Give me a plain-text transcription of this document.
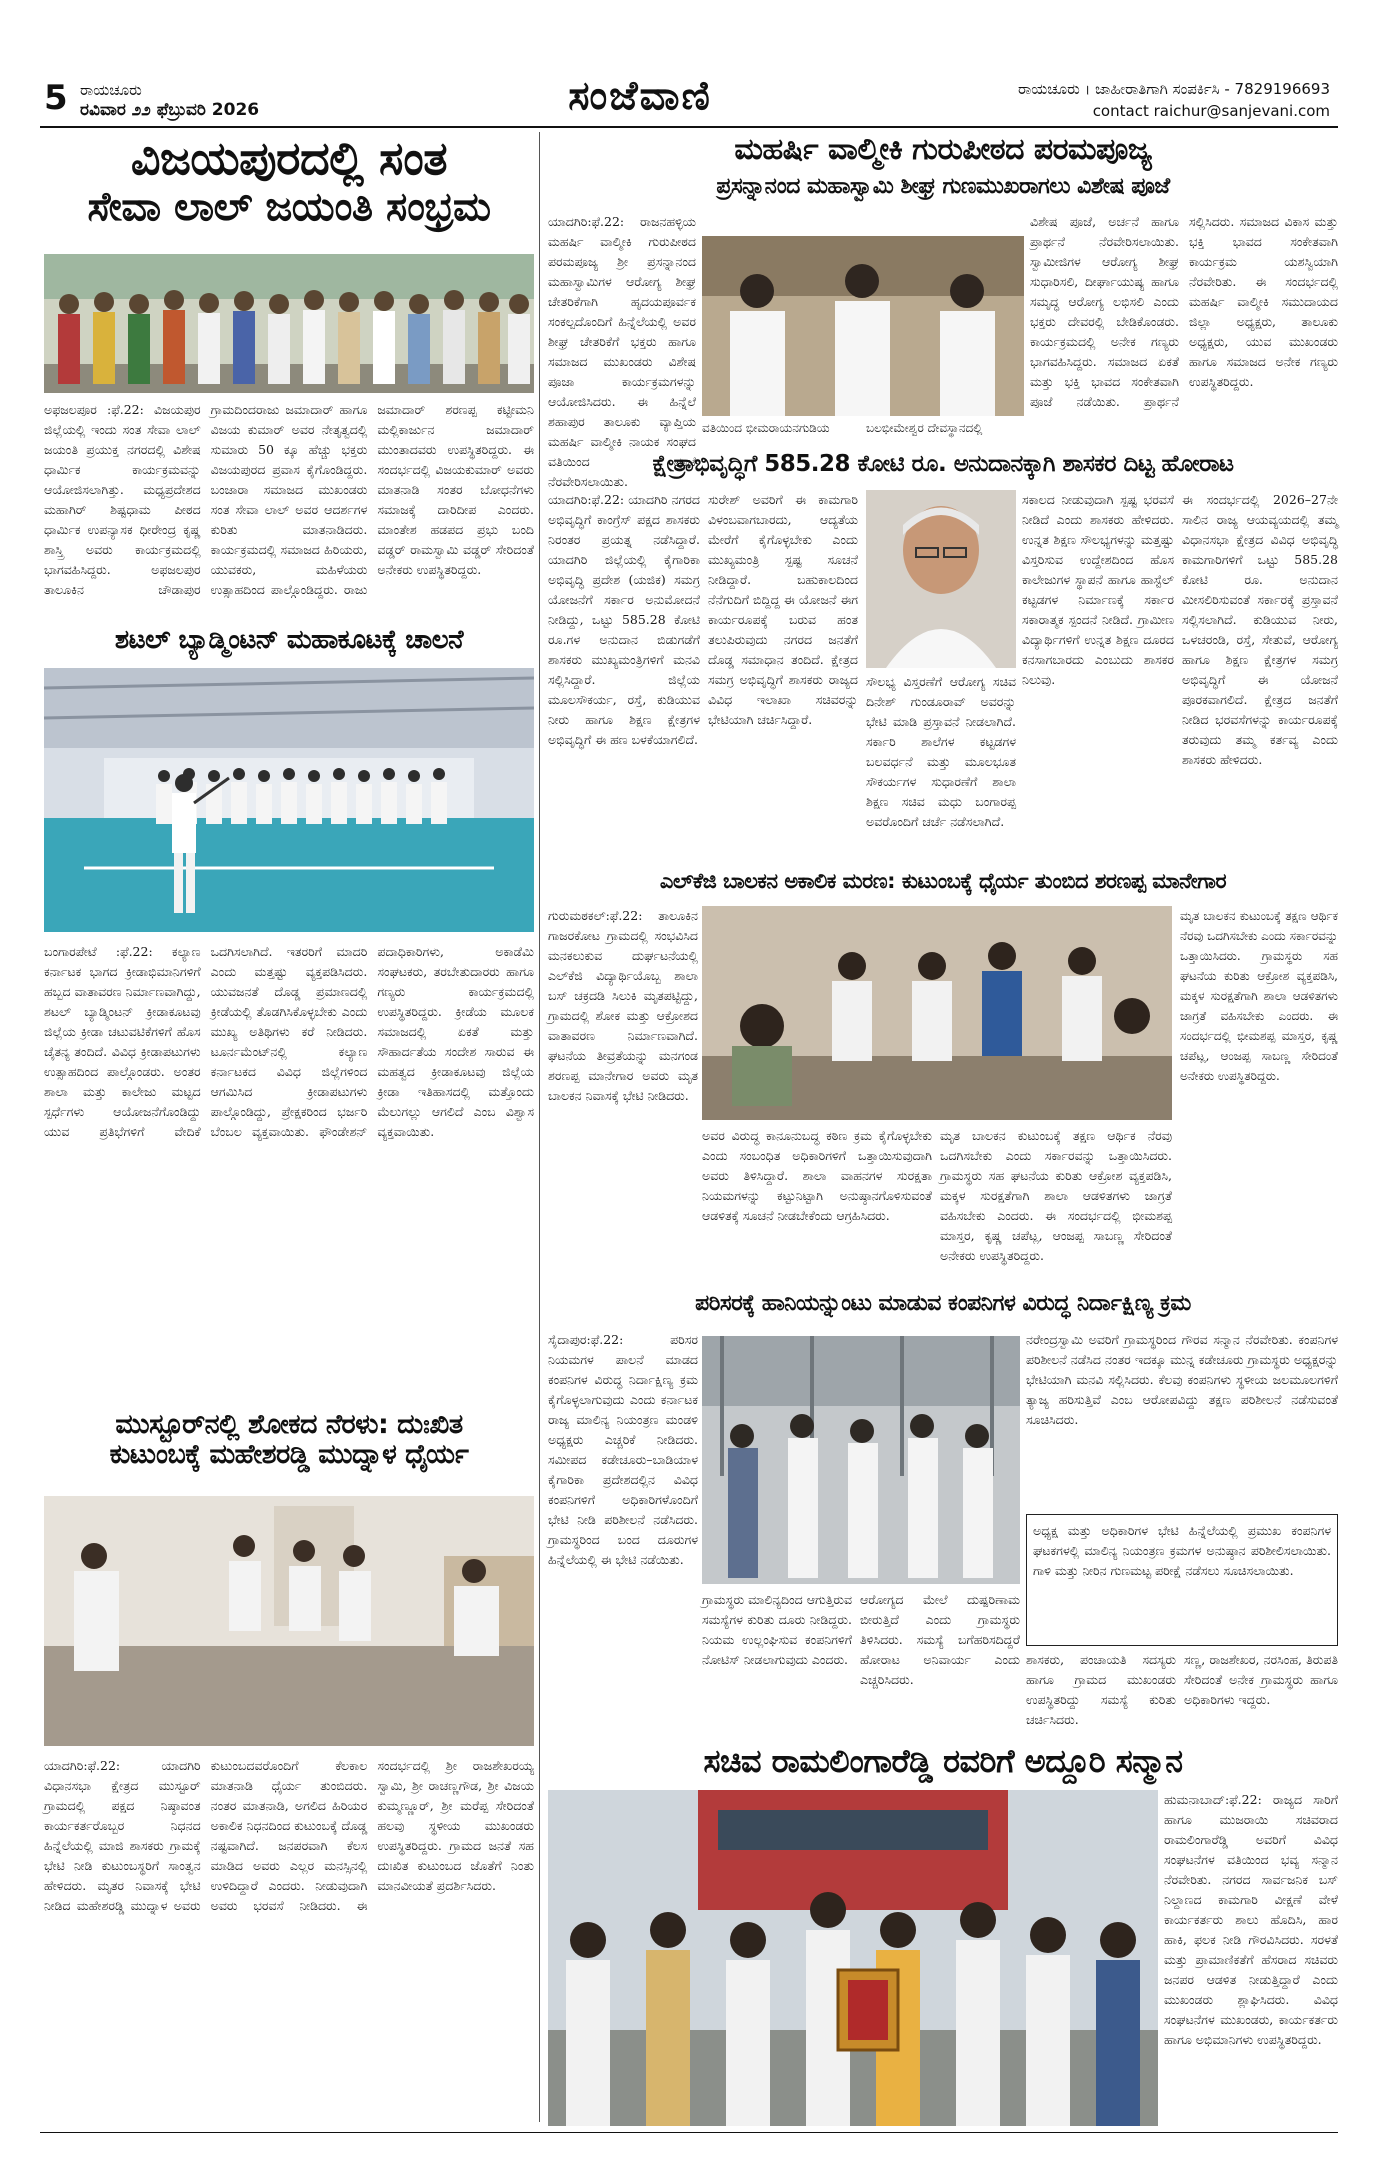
5 ರಾಯಚೂರು
ರವಿವಾರ ೨೨ ಫೆಬ್ರುವರಿ 2026	ಸಂಜೆವಾಣಿ	ರಾಯಚೂರು । ಜಾಹೀರಾತಿಗಾಗಿ ಸಂಪರ್ಕಿಸಿ - 7829196693
contact raichur@sanjevani.com
ವಿಜಯಪುರದಲ್ಲಿ ಸಂತ
ಸೇವಾ ಲಾಲ್ ಜಯಂತಿ ಸಂಭ್ರಮ
ಅಫಜಲಪೂರ :ಫೆ.22: ವಿಜಯಪುರ ಜಿಲ್ಲೆಯಲ್ಲಿ ಇಂದು ಸಂತ ಸೇವಾ ಲಾಲ್ ಜಯಂತಿ ಪ್ರಯುಕ್ತ ನಗರದಲ್ಲಿ ವಿಶೇಷ ಧಾರ್ಮಿಕ ಕಾರ್ಯಕ್ರಮವನ್ನು ಆಯೋಜಿಸಲಾಗಿತ್ತು. ಮಧ್ಯಪ್ರದೇಶದ ಮಹಾಗಿರ್ ಶಿಷ್ಟಧಾಮ ಪೀಠದ ಧಾರ್ಮಿಕ ಉಪನ್ಯಾಸಕ ಧೀರೇಂದ್ರ ಕೃಷ್ಣ ಶಾಸ್ತ್ರಿ ಅವರು ಕಾರ್ಯಕ್ರಮದಲ್ಲಿ ಭಾಗವಹಿಸಿದ್ದರು. ಅಫಜಲಪುರ ತಾಲೂಕಿನ ಚೌಡಾಪುರ ಗ್ರಾಮದಿಂದರಾಜು ಜಮಾದಾರ್ ಹಾಗೂ ವಿಜಯ ಕುಮಾರ್ ಅವರ ನೇತೃತ್ವದಲ್ಲಿ ಸುಮಾರು 50 ಕ್ಕೂ ಹೆಚ್ಚು ಭಕ್ತರು ವಿಜಯಪುರದ ಪ್ರವಾಸ ಕೈಗೊಂಡಿದ್ದರು. ಬಂಜಾರಾ ಸಮಾಜದ ಮುಖಂಡರು ಸಂತ ಸೇವಾ ಲಾಲ್ ಅವರ ಆದರ್ಶಗಳ ಕುರಿತು ಮಾತನಾಡಿದರು. ಕಾರ್ಯಕ್ರಮದಲ್ಲಿ ಸಮಾಜದ ಹಿರಿಯರು, ಯುವಕರು, ಮಹಿಳೆಯರು ಉತ್ಸಾಹದಿಂದ ಪಾಲ್ಗೊಂಡಿದ್ದರು. ರಾಜು ಜಮಾದಾರ್ ಶರಣಪ್ಪ ಕಟ್ಟೀಮನಿ ಮಲ್ಲಿಕಾರ್ಜುನ ಜಮಾದಾರ್ ಮುಂತಾದವರು ಉಪಸ್ಥಿತರಿದ್ದರು. ಈ ಸಂದರ್ಭದಲ್ಲಿ ವಿಜಯಕುಮಾರ್ ಅವರು ಮಾತನಾಡಿ ಸಂತರ ಬೋಧನೆಗಳು ಸಮಾಜಕ್ಕೆ ದಾರಿದೀಪ ಎಂದರು. ಮಾಂತೇಶ ಹಡಪದ ಪ್ರಭು ಬಂದಿ ವಡ್ಡರ್ ರಾಮಸ್ವಾಮಿ ವಡ್ಡರ್ ಸೇರಿದಂತೆ ಅನೇಕರು ಉಪಸ್ಥಿತರಿದ್ದರು.
ಶಟಲ್ ಬ್ಯಾಡ್ಮಿಂಟನ್ ಮಹಾಕೂಟಕ್ಕೆ ಚಾಲನೆ
ಬಂಗಾರಪೇಟೆ :ಫೆ.22: ಕಲ್ಯಾಣ ಕರ್ನಾಟಕ ಭಾಗದ ಕ್ರೀಡಾಭಿಮಾನಿಗಳಿಗೆ ಹಬ್ಬದ ವಾತಾವರಣ ನಿರ್ಮಾಣವಾಗಿದ್ದು, ಶಟಲ್ ಬ್ಯಾಡ್ಮಿಂಟನ್ ಕ್ರೀಡಾಕೂಟವು ಜಿಲ್ಲೆಯ ಕ್ರೀಡಾ ಚಟುವಟಿಕೆಗಳಿಗೆ ಹೊಸ ಚೈತನ್ಯ ತಂದಿದೆ. ವಿವಿಧ ಕ್ರೀಡಾಪಟುಗಳು ಉತ್ಸಾಹದಿಂದ ಪಾಲ್ಗೊಂಡರು. ಅಂತರ ಶಾಲಾ ಮತ್ತು ಕಾಲೇಜು ಮಟ್ಟದ ಸ್ಪರ್ಧೆಗಳು ಆಯೋಜನೆಗೊಂಡಿದ್ದು ಯುವ ಪ್ರತಿಭೆಗಳಿಗೆ ವೇದಿಕೆ ಒದಗಿಸಲಾಗಿದೆ. ಇತರರಿಗೆ ಮಾದರಿ ಎಂದು ಮತ್ತಷ್ಟು ವ್ಯಕ್ತಪಡಿಸಿದರು. ಯುವಜನತೆ ದೊಡ್ಡ ಪ್ರಮಾಣದಲ್ಲಿ ಕ್ರೀಡೆಯಲ್ಲಿ ತೊಡಗಿಸಿಕೊಳ್ಳಬೇಕು ಎಂದು ಮುಖ್ಯ ಅತಿಥಿಗಳು ಕರೆ ನೀಡಿದರು. ಟೂರ್ನಮೆಂಟ್‌ನಲ್ಲಿ ಕಲ್ಯಾಣ ಕರ್ನಾಟಕದ ವಿವಿಧ ಜಿಲ್ಲೆಗಳಿಂದ ಆಗಮಿಸಿದ ಕ್ರೀಡಾಪಟುಗಳು ಪಾಲ್ಗೊಂಡಿದ್ದು, ಪ್ರೇಕ್ಷಕರಿಂದ ಭರ್ಜರಿ ಬೆಂಬಲ ವ್ಯಕ್ತವಾಯಿತು. ಫೌಂಡೇಶನ್ ಪದಾಧಿಕಾರಿಗಳು, ಅಕಾಡೆಮಿ ಸಂಘಟಕರು, ತರಬೇತುದಾರರು ಹಾಗೂ ಗಣ್ಯರು ಕಾರ್ಯಕ್ರಮದಲ್ಲಿ ಉಪಸ್ಥಿತರಿದ್ದರು. ಕ್ರೀಡೆಯ ಮೂಲಕ ಸಮಾಜದಲ್ಲಿ ಏಕತೆ ಮತ್ತು ಸೌಹಾರ್ದತೆಯ ಸಂದೇಶ ಸಾರುವ ಈ ಮಹತ್ವದ ಕ್ರೀಡಾಕೂಟವು ಜಿಲ್ಲೆಯ ಕ್ರೀಡಾ ಇತಿಹಾಸದಲ್ಲಿ ಮತ್ತೊಂದು ಮೆಲುಗಲ್ಲು ಆಗಲಿದೆ ಎಂಬ ವಿಶ್ವಾಸ ವ್ಯಕ್ತವಾಯಿತು.
ಮುಸ್ಟೂರ್‌ನಲ್ಲಿ ಶೋಕದ ನೆರಳು: ದುಃಖಿತ
ಕುಟುಂಬಕ್ಕೆ ಮಹೇಶರಡ್ಡಿ ಮುದ್ನಾಳ ಧೈರ್ಯ
ಯಾದಗಿರಿ:ಫೆ.22: ಯಾದಗಿರಿ ವಿಧಾನಸಭಾ ಕ್ಷೇತ್ರದ ಮುಸ್ಟೂರ್ ಗ್ರಾಮದಲ್ಲಿ ಪಕ್ಷದ ನಿಷ್ಠಾವಂತ ಕಾರ್ಯಕರ್ತರೊಬ್ಬರ ನಿಧನದ ಹಿನ್ನೆಲೆಯಲ್ಲಿ ಮಾಜಿ ಶಾಸಕರು ಗ್ರಾಮಕ್ಕೆ ಭೇಟಿ ನೀಡಿ ಕುಟುಂಬಸ್ಥರಿಗೆ ಸಾಂತ್ವನ ಹೇಳಿದರು. ಮೃತರ ನಿವಾಸಕ್ಕೆ ಭೇಟಿ ನೀಡಿದ ಮಹೇಶರಡ್ಡಿ ಮುದ್ನಾಳ ಅವರು ಕುಟುಂಬದವರೊಂದಿಗೆ ಕೆಲಕಾಲ ಮಾತನಾಡಿ ಧೈರ್ಯ ತುಂಬಿದರು. ನಂತರ ಮಾತನಾಡಿ, ಅಗಲಿದ ಹಿರಿಯರ ಅಕಾಲಿಕ ನಿಧನದಿಂದ ಕುಟುಂಬಕ್ಕೆ ದೊಡ್ಡ ನಷ್ಟವಾಗಿದೆ. ಜನಪರವಾಗಿ ಕೆಲಸ ಮಾಡಿದ ಅವರು ಎಲ್ಲರ ಮನಸ್ಸಿನಲ್ಲಿ ಉಳಿದಿದ್ದಾರೆ ಎಂದರು. ನೀಡುವುದಾಗಿ ಅವರು ಭರವಸೆ ನೀಡಿದರು. ಈ ಸಂದರ್ಭದಲ್ಲಿ ಶ್ರೀ ರಾಜಶೇಖರಯ್ಯ ಸ್ವಾಮಿ, ಶ್ರೀ ರಾಚಣ್ಣಗೌಡ, ಶ್ರೀ ವಿಜಯ ಕುಮ್ಮಣ್ಣೂರ್, ಶ್ರೀ ಮರೆಪ್ಪ ಸೇರಿದಂತೆ ಹಲವು ಸ್ಥಳೀಯ ಮುಖಂಡರು ಉಪಸ್ಥಿತರಿದ್ದರು. ಗ್ರಾಮದ ಜನತೆ ಸಹ ದುಃಖಿತ ಕುಟುಂಬದ ಜೊತೆಗೆ ನಿಂತು ಮಾನವೀಯತೆ ಪ್ರದರ್ಶಿಸಿದರು.
ಮಹರ್ಷಿ ವಾಲ್ಮೀಕಿ ಗುರುಪೀಠದ ಪರಮಪೂಜ್ಯ
ಪ್ರಸನ್ನಾನಂದ ಮಹಾಸ್ವಾಮಿ ಶೀಘ್ರ ಗುಣಮುಖರಾಗಲು ವಿಶೇಷ ಪೂಜೆ
ಯಾದಗಿರಿ:ಫೆ.22: ರಾಜನಹಳ್ಳಿಯ ಮಹರ್ಷಿ ವಾಲ್ಮೀಕಿ ಗುರುಪೀಠದ ಪರಮಪೂಜ್ಯ ಶ್ರೀ ಪ್ರಸನ್ನಾನಂದ ಮಹಾಸ್ವಾಮಿಗಳ ಆರೋಗ್ಯ ಶೀಘ್ರ ಚೇತರಿಕೆಗಾಗಿ ಹೃದಯಪೂರ್ವಕ ಸಂಕಲ್ಪದೊಂದಿಗೆ ಹಿನ್ನೆಲೆಯಲ್ಲಿ ಅವರ ಶೀಘ್ರ ಚೇತರಿಕೆಗೆ ಭಕ್ತರು ಹಾಗೂ ಸಮಾಜದ ಮುಖಂಡರು ವಿಶೇಷ ಪೂಜಾ ಕಾರ್ಯಕ್ರಮಗಳನ್ನು ಆಯೋಜಿಸಿದರು. ಈ ಹಿನ್ನೆಲೆ ಶಹಾಪುರ ತಾಲೂಕು ವ್ಯಾಪ್ತಿಯ ಮಹರ್ಷಿ ವಾಲ್ಮೀಕಿ ನಾಯಕ ಸಂಘದ ವತಿಯಿಂದ ಪೂಜೆ ನೆರವೇರಿಸಲಾಯಿತು.
ವತಿಯಿಂದ ಭೀಮರಾಯನಗುಡಿಯ	ಬಲಭೀಮೇಶ್ವರ ದೇವಸ್ಥಾನದಲ್ಲಿ
ವಿಶೇಷ ಪೂಜೆ, ಅರ್ಚನೆ ಹಾಗೂ ಪ್ರಾರ್ಥನೆ ನೆರವೇರಿಸಲಾಯಿತು. ಸ್ವಾಮೀಜಿಗಳ ಆರೋಗ್ಯ ಶೀಘ್ರ ಸುಧಾರಿಸಲಿ, ದೀರ್ಘಾಯುಷ್ಯ ಹಾಗೂ ಸಮೃದ್ಧ ಆರೋಗ್ಯ ಲಭಿಸಲಿ ಎಂದು ಭಕ್ತರು ದೇವರಲ್ಲಿ ಬೇಡಿಕೊಂಡರು. ಕಾರ್ಯಕ್ರಮದಲ್ಲಿ ಅನೇಕ ಗಣ್ಯರು ಭಾಗವಹಿಸಿದ್ದರು. ಸಮಾಜದ ಏಕತೆ ಮತ್ತು ಭಕ್ತಿ ಭಾವದ ಸಂಕೇತವಾಗಿ ಪೂಜೆ ನಡೆಯಿತು. ಪ್ರಾರ್ಥನೆ ಸಲ್ಲಿಸಿದರು. ಸಮಾಜದ ವಿಕಾಸ ಮತ್ತು ಭಕ್ತಿ ಭಾವದ ಸಂಕೇತವಾಗಿ ಕಾರ್ಯಕ್ರಮ ಯಶಸ್ವಿಯಾಗಿ ನೆರವೇರಿತು. ಈ ಸಂದರ್ಭದಲ್ಲಿ ಮಹರ್ಷಿ ವಾಲ್ಮೀಕಿ ಸಮುದಾಯದ ಜಿಲ್ಲಾ ಅಧ್ಯಕ್ಷರು, ತಾಲೂಕು ಅಧ್ಯಕ್ಷರು, ಯುವ ಮುಖಂಡರು ಹಾಗೂ ಸಮಾಜದ ಅನೇಕ ಗಣ್ಯರು ಉಪಸ್ಥಿತರಿದ್ದರು.
ಕ್ಷೇತ್ರಾಭಿವೃದ್ಧಿಗೆ 585.28 ಕೋಟಿ ರೂ. ಅನುದಾನಕ್ಕಾಗಿ ಶಾಸಕರ ದಿಟ್ಟ ಹೋರಾಟ
ಯಾದಗಿರಿ:ಫೆ.22: ಯಾದಗಿರಿ ನಗರದ ಅಭಿವೃದ್ಧಿಗೆ ಕಾಂಗ್ರೆಸ್ ಪಕ್ಷದ ಶಾಸಕರು ನಿರಂತರ ಪ್ರಯತ್ನ ನಡೆಸಿದ್ದಾರೆ. ಯಾದಗಿರಿ ಜಿಲ್ಲೆಯಲ್ಲಿ ಕೈಗಾರಿಕಾ ಅಭಿವೃದ್ಧಿ ಪ್ರದೇಶ (ಯಜಿಕ) ಸಮಗ್ರ ಯೋಜನೆಗೆ ಸರ್ಕಾರ ಅನುಮೋದನೆ ನೀಡಿದ್ದು, ಒಟ್ಟು 585.28 ಕೋಟಿ ರೂ.ಗಳ ಅನುದಾನ ಬಿಡುಗಡೆಗೆ ಶಾಸಕರು ಮುಖ್ಯಮಂತ್ರಿಗಳಿಗೆ ಮನವಿ ಸಲ್ಲಿಸಿದ್ದಾರೆ. ಜಿಲ್ಲೆಯ ಮೂಲಸೌಕರ್ಯ, ರಸ್ತೆ, ಕುಡಿಯುವ ನೀರು ಹಾಗೂ ಶಿಕ್ಷಣ ಕ್ಷೇತ್ರಗಳ ಅಭಿವೃದ್ಧಿಗೆ ಈ ಹಣ ಬಳಕೆಯಾಗಲಿದೆ.
ಸುರೇಶ್ ಅವರಿಗೆ ಈ ಕಾಮಗಾರಿ ವಿಳಂಬವಾಗಬಾರದು, ಆದ್ಯತೆಯ ಮೇರೆಗೆ ಕೈಗೊಳ್ಳಬೇಕು ಎಂದು ಮುಖ್ಯಮಂತ್ರಿ ಸ್ಪಷ್ಟ ಸೂಚನೆ ನೀಡಿದ್ದಾರೆ. ಬಹುಕಾಲದಿಂದ ನೆನೆಗುದಿಗೆ ಬಿದ್ದಿದ್ದ ಈ ಯೋಜನೆ ಈಗ ಕಾರ್ಯರೂಪಕ್ಕೆ ಬರುವ ಹಂತ ತಲುಪಿರುವುದು ನಗರದ ಜನತೆಗೆ ದೊಡ್ಡ ಸಮಾಧಾನ ತಂದಿದೆ. ಕ್ಷೇತ್ರದ ಸಮಗ್ರ ಅಭಿವೃದ್ಧಿಗೆ ಶಾಸಕರು ರಾಜ್ಯದ ವಿವಿಧ ಇಲಾಖಾ ಸಚಿವರನ್ನು ಭೇಟಿಯಾಗಿ ಚರ್ಚಿಸಿದ್ದಾರೆ.
ಸೌಲಭ್ಯ ವಿಸ್ತರಣೆಗೆ ಆರೋಗ್ಯ ಸಚಿವ ದಿನೇಶ್ ಗುಂಡೂರಾವ್ ಅವರನ್ನು ಭೇಟಿ ಮಾಡಿ ಪ್ರಸ್ತಾವನೆ ನೀಡಲಾಗಿದೆ. ಸರ್ಕಾರಿ ಶಾಲೆಗಳ ಕಟ್ಟಡಗಳ ಬಲವರ್ಧನೆ ಮತ್ತು ಮೂಲಭೂತ ಸೌಕರ್ಯಗಳ ಸುಧಾರಣೆಗೆ ಶಾಲಾ ಶಿಕ್ಷಣ ಸಚಿವ ಮಧು ಬಂಗಾರಪ್ಪ ಅವರೊಂದಿಗೆ ಚರ್ಚೆ ನಡೆಸಲಾಗಿದೆ.
ಸಕಾಲದ ನೀಡುವುದಾಗಿ ಸ್ಪಷ್ಟ ಭರವಸೆ ನೀಡಿದೆ ಎಂದು ಶಾಸಕರು ಹೇಳಿದರು. ಉನ್ನತ ಶಿಕ್ಷಣ ಸೌಲಭ್ಯಗಳನ್ನು ಮತ್ತಷ್ಟು ವಿಸ್ತರಿಸುವ ಉದ್ದೇಶದಿಂದ ಹೊಸ ಕಾಲೇಜುಗಳ ಸ್ಥಾಪನೆ ಹಾಗೂ ಹಾಸ್ಟೆಲ್ ಕಟ್ಟಡಗಳ ನಿರ್ಮಾಣಕ್ಕೆ ಸರ್ಕಾರ ಸಕಾರಾತ್ಮಕ ಸ್ಪಂದನೆ ನೀಡಿದೆ. ಗ್ರಾಮೀಣ ವಿದ್ಯಾರ್ಥಿಗಳಿಗೆ ಉನ್ನತ ಶಿಕ್ಷಣ ದೂರದ ಕನಸಾಗಬಾರದು ಎಂಬುದು ಶಾಸಕರ ನಿಲುವು.
ಈ ಸಂದರ್ಭದಲ್ಲಿ 2026–27ನೇ ಸಾಲಿನ ರಾಜ್ಯ ಆಯವ್ಯಯದಲ್ಲಿ ತಮ್ಮ ವಿಧಾನಸಭಾ ಕ್ಷೇತ್ರದ ವಿವಿಧ ಅಭಿವೃದ್ಧಿ ಕಾಮಗಾರಿಗಳಿಗೆ ಒಟ್ಟು 585.28 ಕೋಟಿ ರೂ. ಅನುದಾನ ಮೀಸಲಿರಿಸುವಂತೆ ಸರ್ಕಾರಕ್ಕೆ ಪ್ರಸ್ತಾವನೆ ಸಲ್ಲಿಸಲಾಗಿದೆ. ಕುಡಿಯುವ ನೀರು, ಒಳಚರಂಡಿ, ರಸ್ತೆ, ಸೇತುವೆ, ಆರೋಗ್ಯ ಹಾಗೂ ಶಿಕ್ಷಣ ಕ್ಷೇತ್ರಗಳ ಸಮಗ್ರ ಅಭಿವೃದ್ಧಿಗೆ ಈ ಯೋಜನೆ ಪೂರಕವಾಗಲಿದೆ. ಕ್ಷೇತ್ರದ ಜನತೆಗೆ ನೀಡಿದ ಭರವಸೆಗಳನ್ನು ಕಾರ್ಯರೂಪಕ್ಕೆ ತರುವುದು ತಮ್ಮ ಕರ್ತವ್ಯ ಎಂದು ಶಾಸಕರು ಹೇಳಿದರು.
ಎಲ್‌ಕೆಜಿ ಬಾಲಕನ ಅಕಾಲಿಕ ಮರಣ: ಕುಟುಂಬಕ್ಕೆ ಧೈರ್ಯ ತುಂಬಿದ ಶರಣಪ್ಪ ಮಾನೇಗಾರ
ಗುರುಮಠಕಲ್:ಫೆ.22: ತಾಲೂಕಿನ ಗಾಜರಕೋಟ ಗ್ರಾಮದಲ್ಲಿ ಸಂಭವಿಸಿದ ಮನಕಲುಕುವ ದುರ್ಘಟನೆಯಲ್ಲಿ ಎಲ್‌ಕೆಜಿ ವಿದ್ಯಾರ್ಥಿಯೊಬ್ಬ ಶಾಲಾ ಬಸ್ ಚಕ್ರದಡಿ ಸಿಲುಕಿ ಮೃತಪಟ್ಟಿದ್ದು, ಗ್ರಾಮದಲ್ಲಿ ಶೋಕ ಮತ್ತು ಆಕ್ರೋಶದ ವಾತಾವರಣ ನಿರ್ಮಾಣವಾಗಿದೆ. ಘಟನೆಯ ತೀವ್ರತೆಯನ್ನು ಮನಗಂಡ ಶರಣಪ್ಪ ಮಾನೇಗಾರ ಅವರು ಮೃತ ಬಾಲಕನ ನಿವಾಸಕ್ಕೆ ಭೇಟಿ ನೀಡಿದರು.
ಅವರ ವಿರುದ್ಧ ಕಾನೂನುಬದ್ಧ ಕಠಿಣ ಕ್ರಮ ಕೈಗೊಳ್ಳಬೇಕು ಎಂದು ಸಂಬಂಧಿತ ಅಧಿಕಾರಿಗಳಿಗೆ ಒತ್ತಾಯಿಸುವುದಾಗಿ ಅವರು ತಿಳಿಸಿದ್ದಾರೆ. ಶಾಲಾ ವಾಹನಗಳ ಸುರಕ್ಷತಾ ನಿಯಮಗಳನ್ನು ಕಟ್ಟುನಿಟ್ಟಾಗಿ ಅನುಷ್ಠಾನಗೊಳಿಸುವಂತೆ ಆಡಳಿತಕ್ಕೆ ಸೂಚನೆ ನೀಡಬೇಕೆಂದು ಆಗ್ರಹಿಸಿದರು.
ಮೃತ ಬಾಲಕನ ಕುಟುಂಬಕ್ಕೆ ತಕ್ಷಣ ಆರ್ಥಿಕ ನೆರವು ಒದಗಿಸಬೇಕು ಎಂದು ಸರ್ಕಾರವನ್ನು ಒತ್ತಾಯಿಸಿದರು. ಗ್ರಾಮಸ್ಥರು ಸಹ ಘಟನೆಯ ಕುರಿತು ಆಕ್ರೋಶ ವ್ಯಕ್ತಪಡಿಸಿ, ಮಕ್ಕಳ ಸುರಕ್ಷತೆಗಾಗಿ ಶಾಲಾ ಆಡಳಿತಗಳು ಜಾಗ್ರತೆ ವಹಿಸಬೇಕು ಎಂದರು. ಈ ಸಂದರ್ಭದಲ್ಲಿ ಭೀಮಶಪ್ಪ ಮಾಸ್ತರ, ಕೃಷ್ಣ ಚಪೆಟ್ಲ, ಆಂಜಪ್ಪ ಸಾಬಣ್ಣ ಸೇರಿದಂತೆ ಅನೇಕರು ಉಪಸ್ಥಿತರಿದ್ದರು.
ಮೃತ ಬಾಲಕನ ಕುಟುಂಬಕ್ಕೆ ತಕ್ಷಣ ಆರ್ಥಿಕ ನೆರವು ಒದಗಿಸಬೇಕು ಎಂದು ಸರ್ಕಾರವನ್ನು ಒತ್ತಾಯಿಸಿದರು. ಗ್ರಾಮಸ್ಥರು ಸಹ ಘಟನೆಯ ಕುರಿತು ಆಕ್ರೋಶ ವ್ಯಕ್ತಪಡಿಸಿ, ಮಕ್ಕಳ ಸುರಕ್ಷತೆಗಾಗಿ ಶಾಲಾ ಆಡಳಿತಗಳು ಜಾಗ್ರತೆ ವಹಿಸಬೇಕು ಎಂದರು. ಈ ಸಂದರ್ಭದಲ್ಲಿ ಭೀಮಶಪ್ಪ ಮಾಸ್ತರ, ಕೃಷ್ಣ ಚಪೆಟ್ಲ, ಆಂಜಪ್ಪ ಸಾಬಣ್ಣ ಸೇರಿದಂತೆ ಅನೇಕರು ಉಪಸ್ಥಿತರಿದ್ದರು.
ಪರಿಸರಕ್ಕೆ ಹಾನಿಯನ್ನುಂಟು ಮಾಡುವ ಕಂಪನಿಗಳ ವಿರುದ್ಧ ನಿರ್ದಾಕ್ಷಿಣ್ಯ ಕ್ರಮ
ಸೈದಾಪುರ:ಫೆ.22: ಪರಿಸರ ನಿಯಮಗಳ ಪಾಲನೆ ಮಾಡದ ಕಂಪನಿಗಳ ವಿರುದ್ಧ ನಿರ್ದಾಕ್ಷಿಣ್ಯ ಕ್ರಮ ಕೈಗೊಳ್ಳಲಾಗುವುದು ಎಂದು ಕರ್ನಾಟಕ ರಾಜ್ಯ ಮಾಲಿನ್ಯ ನಿಯಂತ್ರಣ ಮಂಡಳಿ ಅಧ್ಯಕ್ಷರು ಎಚ್ಚರಿಕೆ ನೀಡಿದರು. ಸಮೀಪದ ಕಡೇಚೂರು–ಬಾಡಿಯಾಳ ಕೈಗಾರಿಕಾ ಪ್ರದೇಶದಲ್ಲಿನ ವಿವಿಧ ಕಂಪನಿಗಳಿಗೆ ಅಧಿಕಾರಿಗಳೊಂದಿಗೆ ಭೇಟಿ ನೀಡಿ ಪರಿಶೀಲನೆ ನಡೆಸಿದರು. ಗ್ರಾಮಸ್ಥರಿಂದ ಬಂದ ದೂರುಗಳ ಹಿನ್ನೆಲೆಯಲ್ಲಿ ಈ ಭೇಟಿ ನಡೆಯಿತು.
ನರೇಂದ್ರಸ್ವಾಮಿ ಅವರಿಗೆ ಗ್ರಾಮಸ್ಥರಿಂದ ಗೌರವ ಸನ್ಮಾನ ನೆರವೇರಿತು. ಕಂಪನಿಗಳ ಪರಿಶೀಲನೆ ನಡೆಸಿದ ನಂತರ ಇದಕ್ಕೂ ಮುನ್ನ ಕಡೇಚೂರು ಗ್ರಾಮಸ್ಥರು ಅಧ್ಯಕ್ಷರನ್ನು ಭೇಟಿಯಾಗಿ ಮನವಿ ಸಲ್ಲಿಸಿದರು. ಕೆಲವು ಕಂಪನಿಗಳು ಸ್ಥಳೀಯ ಜಲಮೂಲಗಳಿಗೆ ತ್ಯಾಜ್ಯ ಹರಿಸುತ್ತಿವೆ ಎಂಬ ಆರೋಪವಿದ್ದು ತಕ್ಷಣ ಪರಿಶೀಲನೆ ನಡೆಸುವಂತೆ ಸೂಚಿಸಿದರು.
ಅಧ್ಯಕ್ಷ ಮತ್ತು ಅಧಿಕಾರಿಗಳ ಭೇಟಿ ಹಿನ್ನೆಲೆಯಲ್ಲಿ ಪ್ರಮುಖ ಕಂಪನಿಗಳ ಘಟಕಗಳಲ್ಲಿ ಮಾಲಿನ್ಯ ನಿಯಂತ್ರಣ ಕ್ರಮಗಳ ಅನುಷ್ಠಾನ ಪರಿಶೀಲಿಸಲಾಯಿತು. ಗಾಳಿ ಮತ್ತು ನೀರಿನ ಗುಣಮಟ್ಟ ಪರೀಕ್ಷೆ ನಡೆಸಲು ಸೂಚಿಸಲಾಯಿತು.
ಗ್ರಾಮಸ್ಥರು ಮಾಲಿನ್ಯದಿಂದ ಆಗುತ್ತಿರುವ ಸಮಸ್ಯೆಗಳ ಕುರಿತು ದೂರು ನೀಡಿದ್ದರು. ನಿಯಮ ಉಲ್ಲಂಘಿಸುವ ಕಂಪನಿಗಳಿಗೆ ನೋಟಿಸ್ ನೀಡಲಾಗುವುದು ಎಂದರು.
ಆರೋಗ್ಯದ ಮೇಲೆ ದುಷ್ಪರಿಣಾಮ ಬೀರುತ್ತಿದೆ ಎಂದು ಗ್ರಾಮಸ್ಥರು ತಿಳಿಸಿದರು. ಸಮಸ್ಯೆ ಬಗೆಹರಿಸದಿದ್ದರೆ ಹೋರಾಟ ಅನಿವಾರ್ಯ ಎಂದು ಎಚ್ಚರಿಸಿದರು.
ಶಾಸಕರು, ಪಂಚಾಯತಿ ಸದಸ್ಯರು ಹಾಗೂ ಗ್ರಾಮದ ಮುಖಂಡರು ಉಪಸ್ಥಿತರಿದ್ದು ಸಮಸ್ಯೆ ಕುರಿತು ಚರ್ಚಿಸಿದರು.
ಸಣ್ಣ, ರಾಜಶೇಖರ, ನರಸಿಂಹ, ತಿರುಪತಿ ಸೇರಿದಂತೆ ಅನೇಕ ಗ್ರಾಮಸ್ಥರು ಹಾಗೂ ಅಧಿಕಾರಿಗಳು ಇದ್ದರು.
ಸಚಿವ ರಾಮಲಿಂಗಾರೆಡ್ಡಿ ರವರಿಗೆ ಅದ್ದೂರಿ ಸನ್ಮಾನ
ಹುಮನಾಬಾದ್:ಫೆ.22: ರಾಜ್ಯದ ಸಾರಿಗೆ ಹಾಗೂ ಮುಜರಾಯಿ ಸಚಿವರಾದ ರಾಮಲಿಂಗಾರೆಡ್ಡಿ ಅವರಿಗೆ ವಿವಿಧ ಸಂಘಟನೆಗಳ ವತಿಯಿಂದ ಭವ್ಯ ಸನ್ಮಾನ ನೆರವೇರಿತು. ನಗರದ ಸಾರ್ವಜನಿಕ ಬಸ್ ನಿಲ್ದಾಣದ ಕಾಮಗಾರಿ ವೀಕ್ಷಣೆ ವೇಳೆ ಕಾರ್ಯಕರ್ತರು ಶಾಲು ಹೊದಿಸಿ, ಹಾರ ಹಾಕಿ, ಫಲಕ ನೀಡಿ ಗೌರವಿಸಿದರು. ಸರಳತೆ ಮತ್ತು ಪ್ರಾಮಾಣಿಕತೆಗೆ ಹೆಸರಾದ ಸಚಿವರು ಜನಪರ ಆಡಳಿತ ನೀಡುತ್ತಿದ್ದಾರೆ ಎಂದು ಮುಖಂಡರು ಶ್ಲಾಘಿಸಿದರು. ವಿವಿಧ ಸಂಘಟನೆಗಳ ಮುಖಂಡರು, ಕಾರ್ಯಕರ್ತರು ಹಾಗೂ ಅಭಿಮಾನಿಗಳು ಉಪಸ್ಥಿತರಿದ್ದರು.
